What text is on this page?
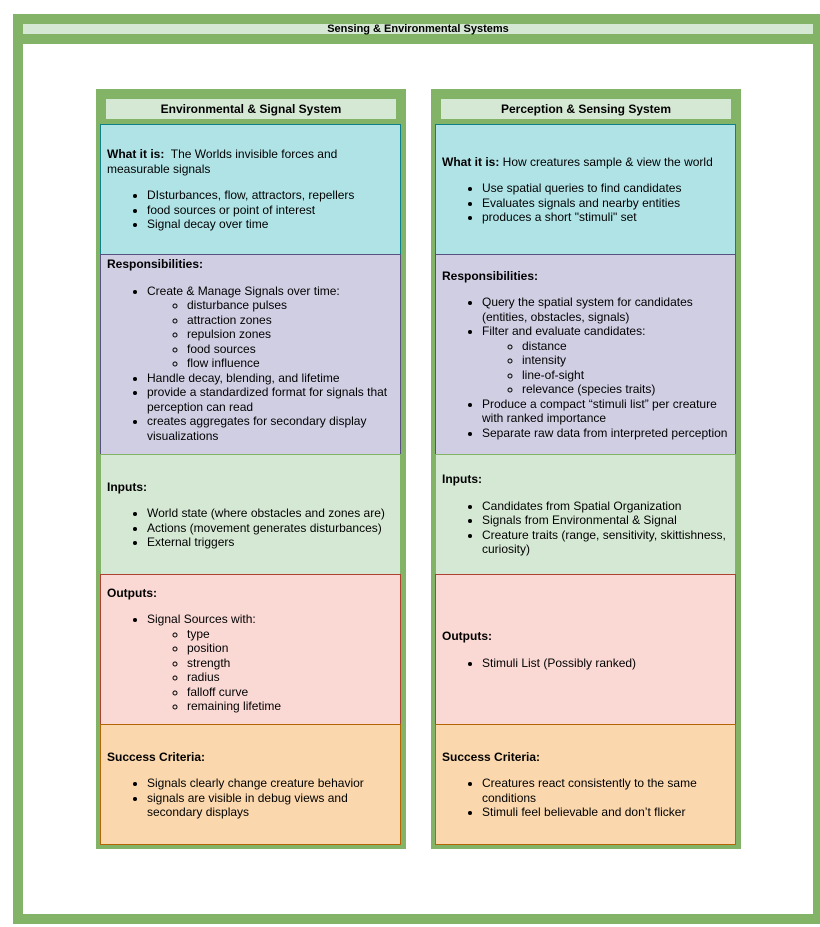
Sensing & Environmental Systems
Environmental & Signal System

What it is:  The Worlds invisible forces and measurable signals

• DIsturbances, flow, attractors, repellers
• food sources or point of interest
• Signal decay over time

Responsibilities:

• Create & Manage Signals over time:
◦ disturbance pulses
◦ attraction zones
◦ repulsion zones
◦ food sources
◦ flow influence
• Handle decay, blending, and lifetime
• provide a standardized format for signals that perception can read
• creates aggregates for secondary display visualizations

Inputs:

• World state (where obstacles and zones are)
• Actions (movement generates disturbances)
• External triggers

Outputs:

• Signal Sources with:
◦ type
◦ position
◦ strength
◦ radius
◦ falloff curve
◦ remaining lifetime

Success Criteria:

• Signals clearly change creature behavior
• signals are visible in debug views and secondary displays
Perception & Sensing System

What it is: How creatures sample & view the world

• Use spatial queries to find candidates
• Evaluates signals and nearby entities
• produces a short "stimuli" set

Responsibilities:

• Query the spatial system for candidates (entities, obstacles, signals)
• Filter and evaluate candidates:
◦ distance
◦ intensity
◦ line-of-sight
◦ relevance (species traits)
• Produce a compact “stimuli list” per creature with ranked importance
• Separate raw data from interpreted perception

Inputs:

• Candidates from Spatial Organization
• Signals from Environmental & Signal
• Creature traits (range, sensitivity, skittishness, curiosity)

Outputs:

• Stimuli List (Possibly ranked)

Success Criteria:

• Creatures react consistently to the same conditions
• Stimuli feel believable and don’t flicker
